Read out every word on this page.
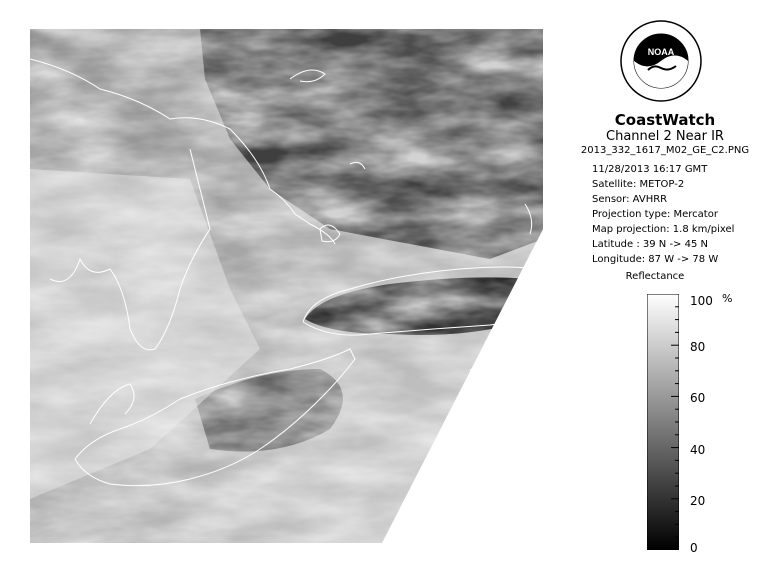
NOAA
CoastWatch
Channel 2 Near IR
2013_332_1617_M02_GE_C2.PNG
11/28/2013 16:17 GMT
Satellite: METOP-2
Sensor: AVHRR
Projection type: Mercator
Map projection: 1.8 km/pixel
Latitude : 39 N -> 45 N
Longitude: 87 W -> 78 W
Reflectance
100
80
60
40
20
0
%
